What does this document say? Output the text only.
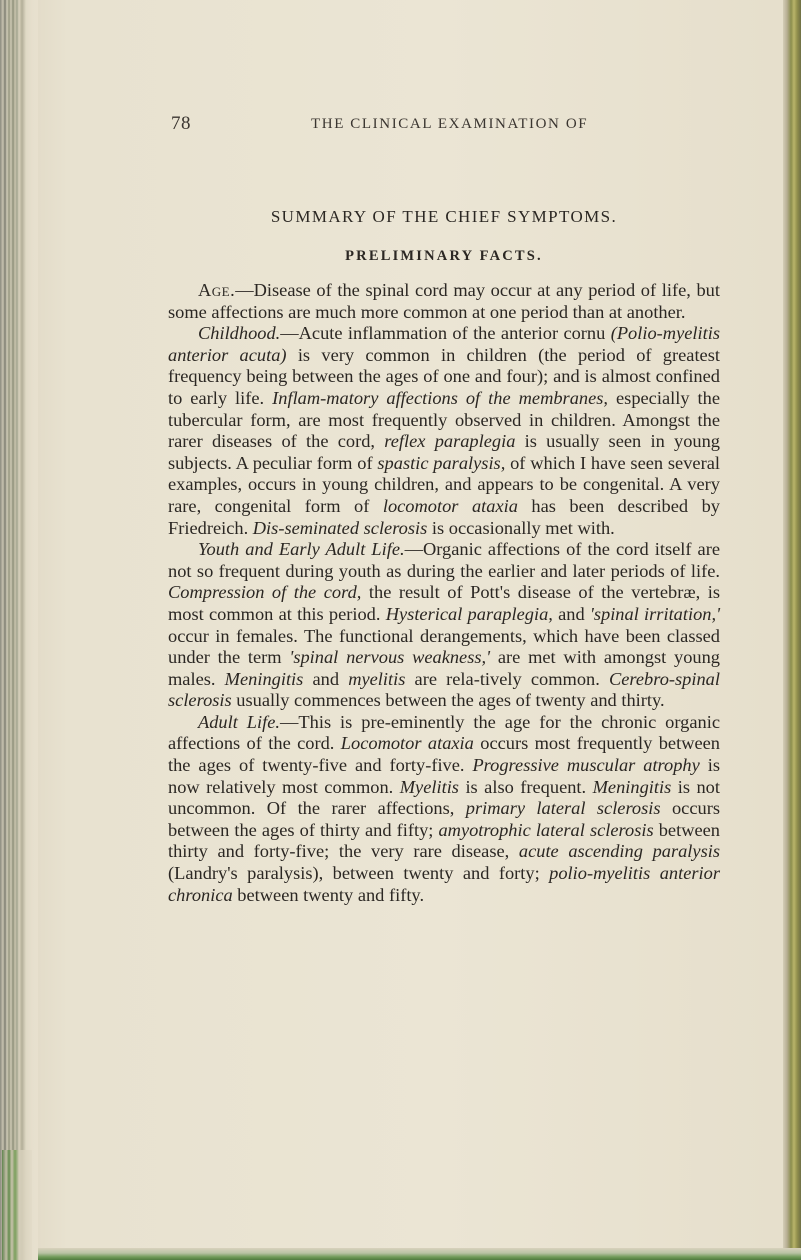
78	THE CLINICAL EXAMINATION OF
SUMMARY OF THE CHIEF SYMPTOMS.
PRELIMINARY FACTS.

Age.—Disease of the spinal cord may occur at any period of life, but some affections are much more common at one period than at another.

Childhood.—Acute inflammation of the anterior cornu (Polio-myelitis anterior acuta) is very common in children (the period of greatest frequency being between the ages of one and four); and is almost confined to early life. Inflam-matory affections of the membranes, especially the tubercular form, are most frequently observed in children. Amongst the rarer diseases of the cord, reflex paraplegia is usually seen in young subjects. A peculiar form of spastic paralysis, of which I have seen several examples, occurs in young children, and appears to be congenital. A very rare, congenital form of locomotor ataxia has been described by Friedreich. Dis-seminated sclerosis is occasionally met with.

Youth and Early Adult Life.—Organic affections of the cord itself are not so frequent during youth as during the earlier and later periods of life. Compression of the cord, the result of Pott's disease of the vertebræ, is most common at this period. Hysterical paraplegia, and 'spinal irritation,' occur in females. The functional derangements, which have been classed under the term 'spinal nervous weakness,' are met with amongst young males. Meningitis and myelitis are rela-tively common. Cerebro-spinal sclerosis usually commences between the ages of twenty and thirty.

Adult Life.—This is pre-eminently the age for the chronic organic affections of the cord. Locomotor ataxia occurs most frequently between the ages of twenty-five and forty-five. Progressive muscular atrophy is now relatively most common. Myelitis is also frequent. Meningitis is not uncommon. Of the rarer affections, primary lateral sclerosis occurs between the ages of thirty and fifty; amyotrophic lateral sclerosis between thirty and forty-five; the very rare disease, acute ascending paralysis (Landry's paralysis), between twenty and forty; polio-myelitis anterior chronica between twenty and fifty.
